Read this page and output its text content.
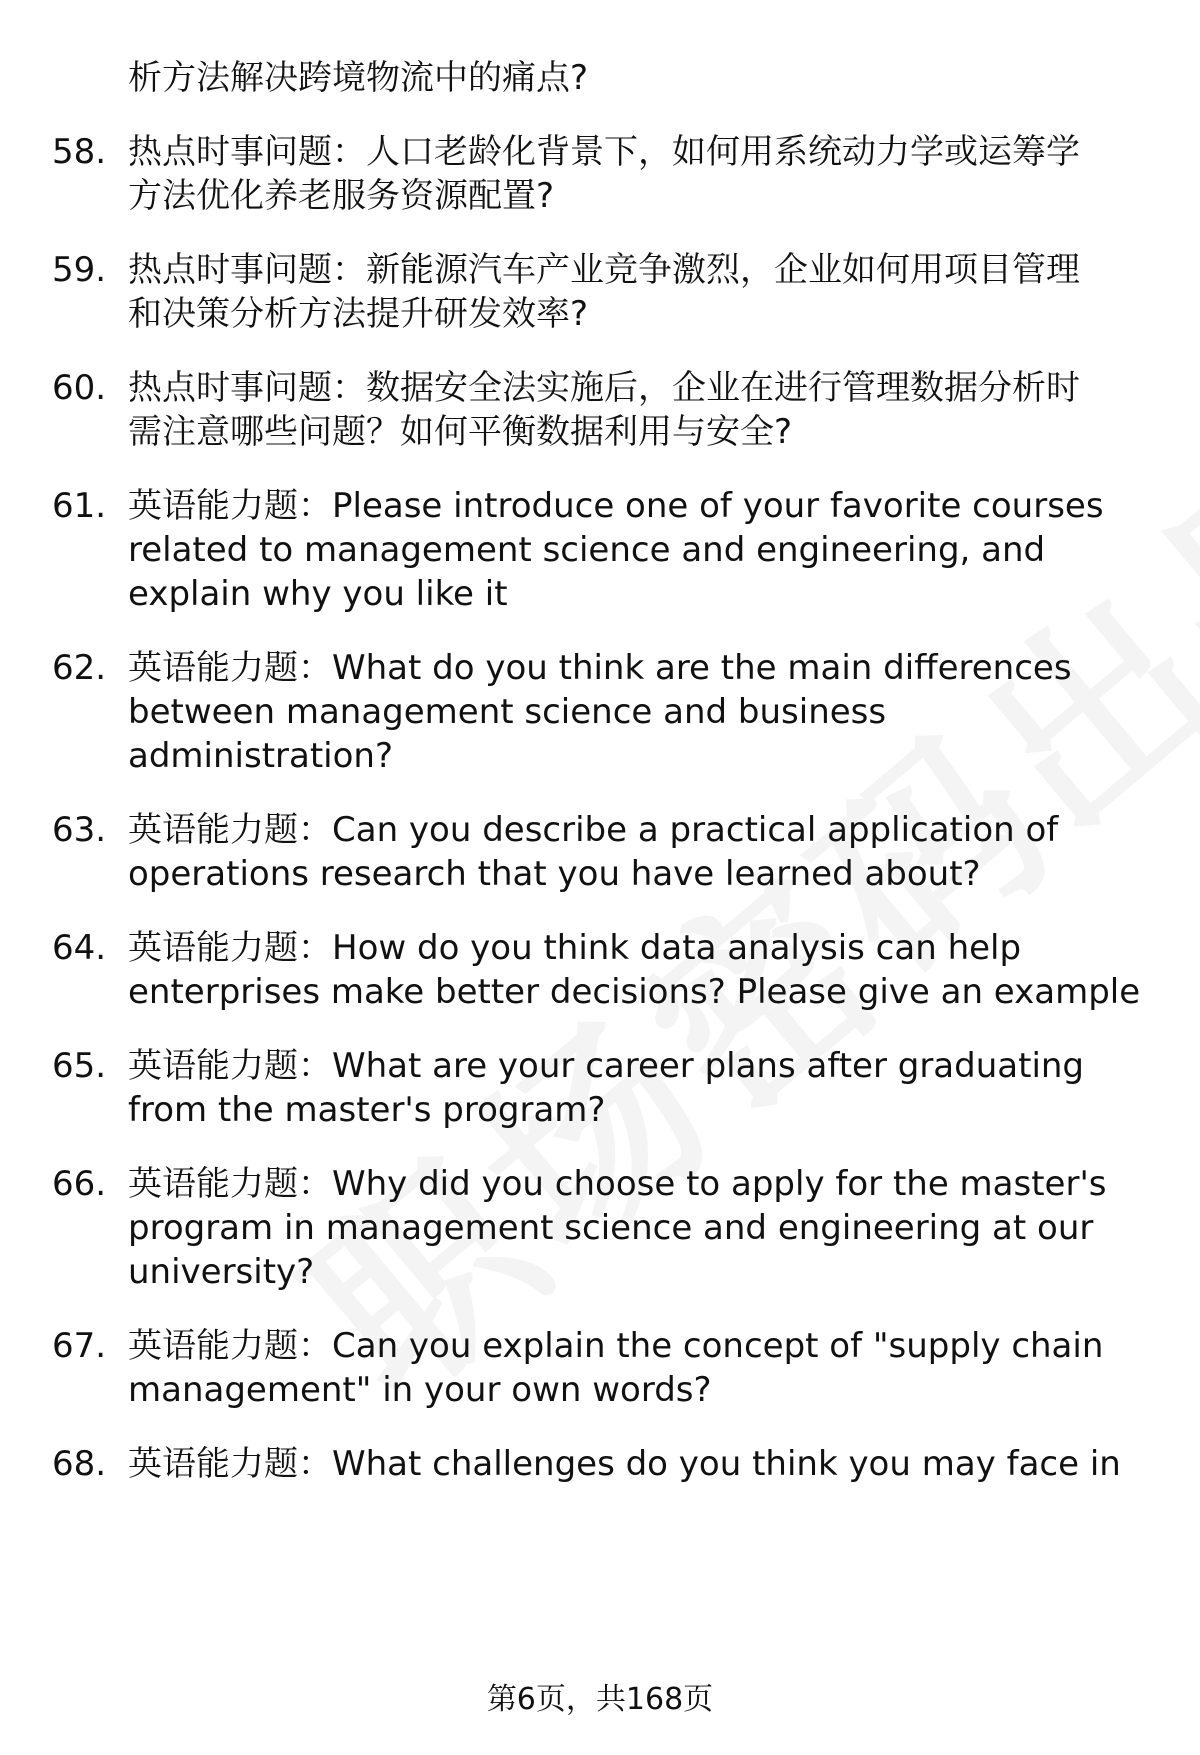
析方法解决跨境物流中的痛点?
58. 热点时事问题：人口老龄化背景下，如何用系统动力学或运筹学
方法优化养老服务资源配置?
59. 热点时事问题：新能源汽车产业竞争激烈，企业如何用项目管理
和决策分析方法提升研发效率?
60. 热点时事问题：数据安全法实施后，企业在进行管理数据分析时
需注意哪些问题？如何平衡数据利用与安全?
61. 英语能力题：Please introduce one of your favorite courses
related to management science and engineering, and
explain why you like it
62. 英语能力题：What do you think are the main differences
between management science and business
administration?
63. 英语能力题：Can you describe a practical application of
operations research that you have learned about?
64. 英语能力题：How do you think data analysis can help
enterprises make better decisions? Please give an example
65. 英语能力题：What are your career plans after graduating
from the master's program?
66. 英语能力题：Why did you choose to apply for the master's
program in management science and engineering at our
university?
67. 英语能力题：Can you explain the concept of "supply chain
management" in your own words?
68. 英语能力题：What challenges do you think you may face in
第6页，共168页
